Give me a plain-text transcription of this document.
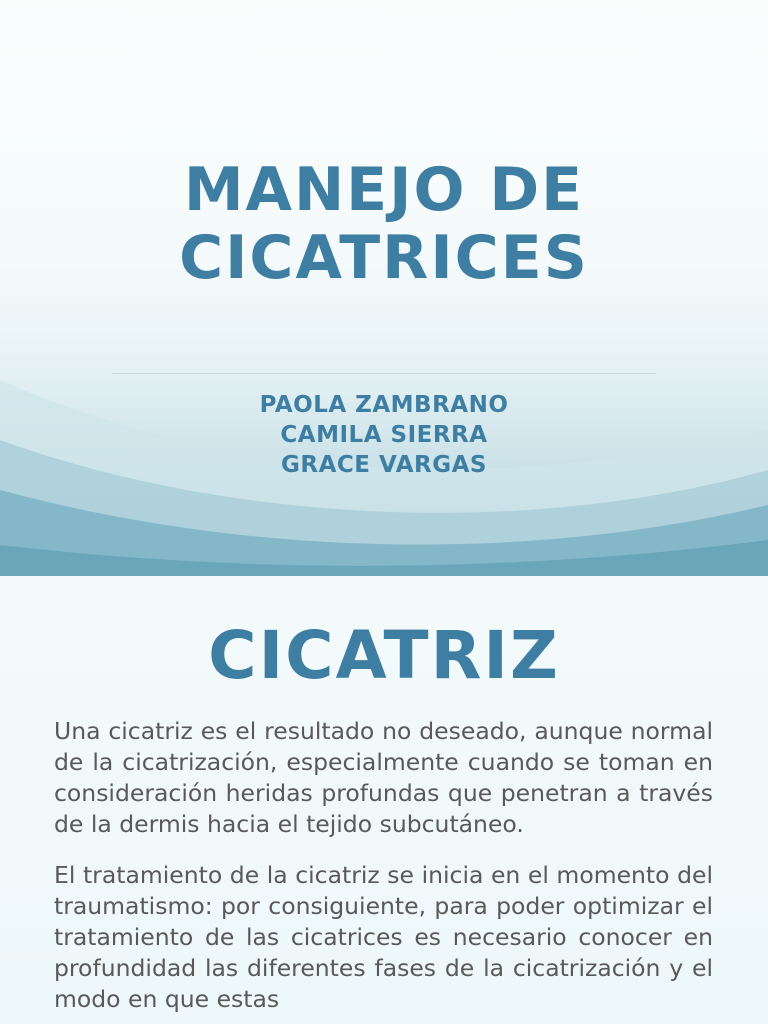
MANEJO DE
CICATRICES
PAOLA ZAMBRANO
CAMILA SIERRA
GRACE VARGAS
CICATRIZ

Una cicatriz es el resultado no deseado, aunque normal de la cicatrización, especialmente cuando se toman en consideración heridas profundas que penetran a través de la dermis hacia el tejido subcutáneo.

El tratamiento de la cicatriz se inicia en el momento del traumatismo: por consiguiente, para poder optimizar el tratamiento de las cicatrices es necesario conocer en profundidad las diferentes fases de la cicatrización y el modo en que estas
